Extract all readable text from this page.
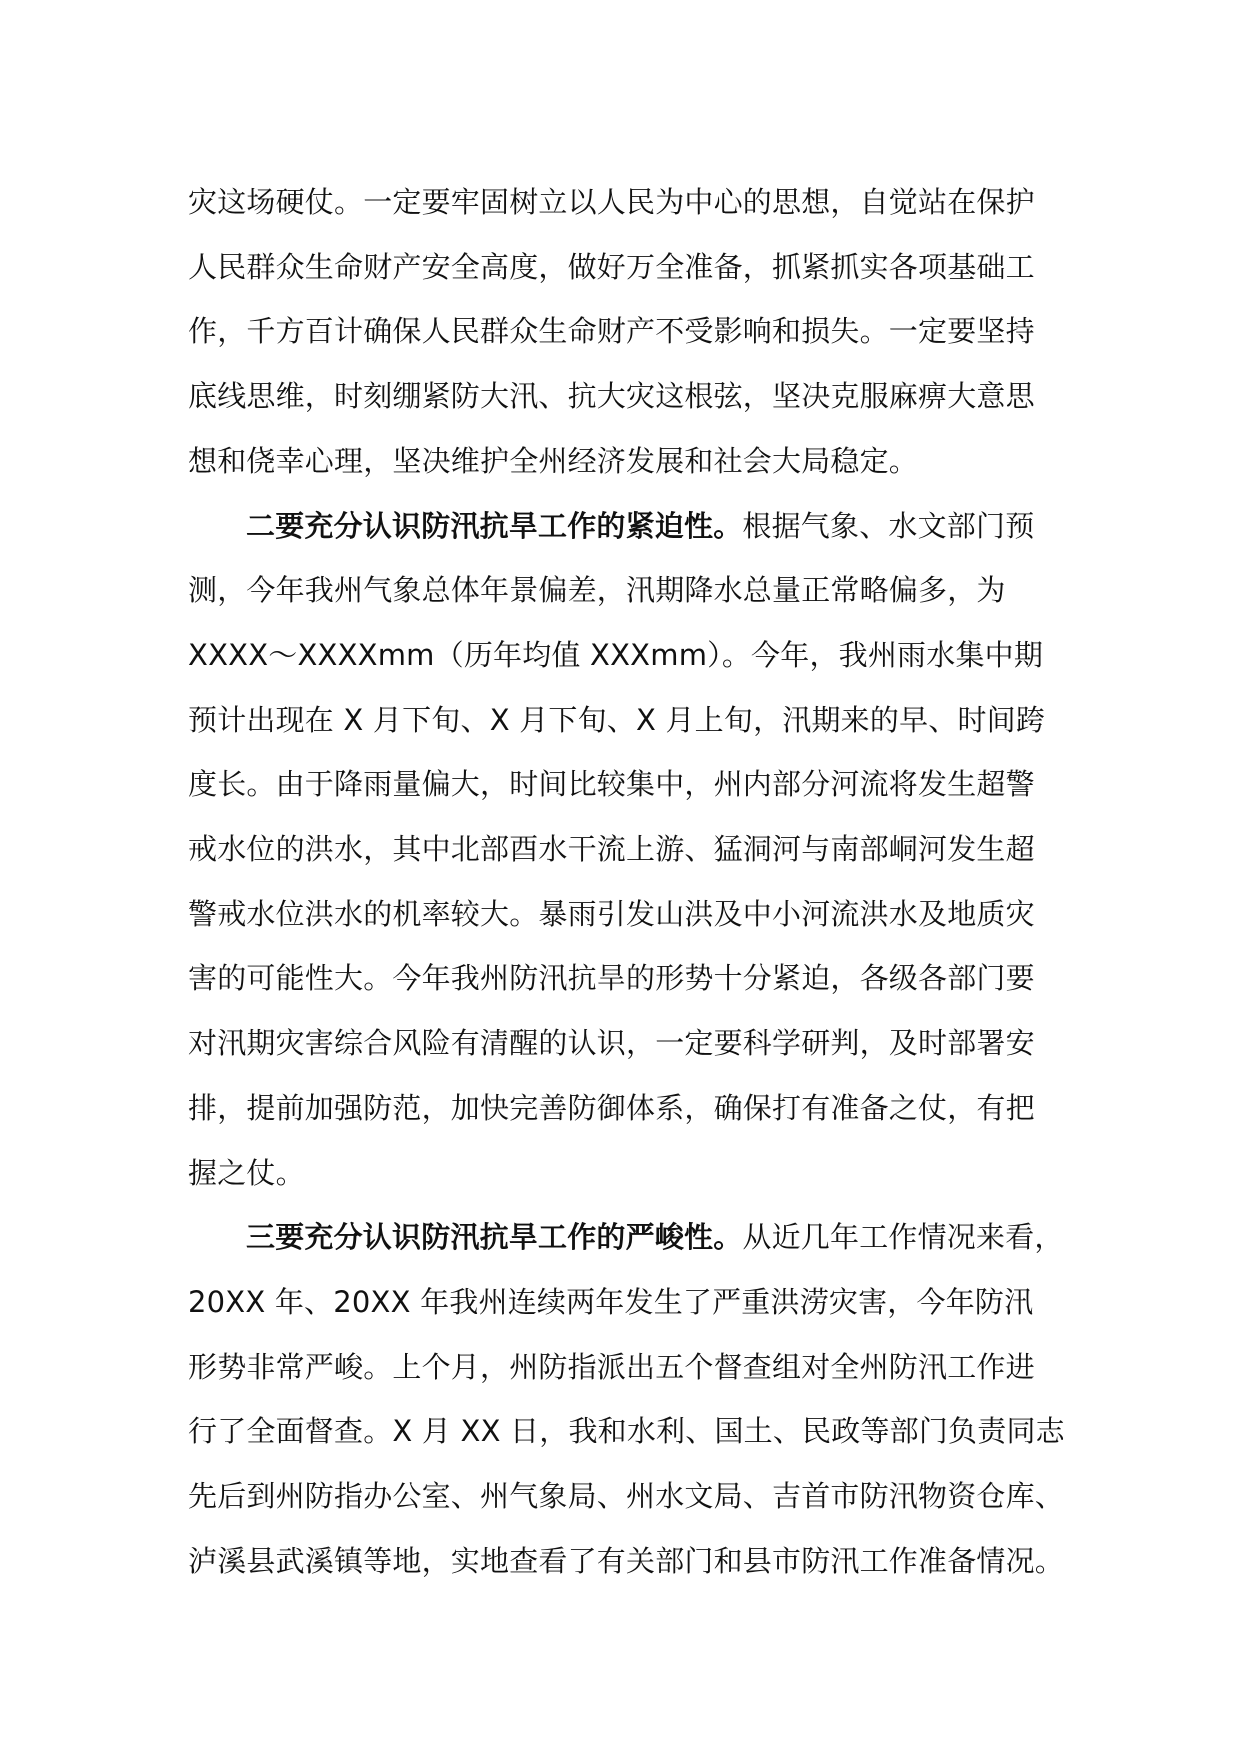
灾这场硬仗。一定要牢固树立以人民为中心的思想，自觉站在保护
人民群众生命财产安全高度，做好万全准备，抓紧抓实各项基础工
作，千方百计确保人民群众生命财产不受影响和损失。一定要坚持
底线思维，时刻绷紧防大汛、抗大灾这根弦，坚决克服麻痹大意思
想和侥幸心理，坚决维护全州经济发展和社会大局稳定。
二要充分认识防汛抗旱工作的紧迫性。根据气象、水文部门预
测，今年我州气象总体年景偏差，汛期降水总量正常略偏多，为
XXXX～XXXXmm（历年均值 XXXmm）。今年，我州雨水集中期
预计出现在 X 月下旬、X 月下旬、X 月上旬，汛期来的早、时间跨
度长。由于降雨量偏大，时间比较集中，州内部分河流将发生超警
戒水位的洪水，其中北部酉水干流上游、猛洞河与南部峒河发生超
警戒水位洪水的机率较大。暴雨引发山洪及中小河流洪水及地质灾
害的可能性大。今年我州防汛抗旱的形势十分紧迫，各级各部门要
对汛期灾害综合风险有清醒的认识，一定要科学研判，及时部署安
排，提前加强防范，加快完善防御体系，确保打有准备之仗，有把
握之仗。
三要充分认识防汛抗旱工作的严峻性。从近几年工作情况来看，
20XX 年、20XX 年我州连续两年发生了严重洪涝灾害，今年防汛
形势非常严峻。上个月，州防指派出五个督查组对全州防汛工作进
行了全面督查。X 月 XX 日，我和水利、国土、民政等部门负责同志
先后到州防指办公室、州气象局、州水文局、吉首市防汛物资仓库、
泸溪县武溪镇等地，实地查看了有关部门和县市防汛工作准备情况。
